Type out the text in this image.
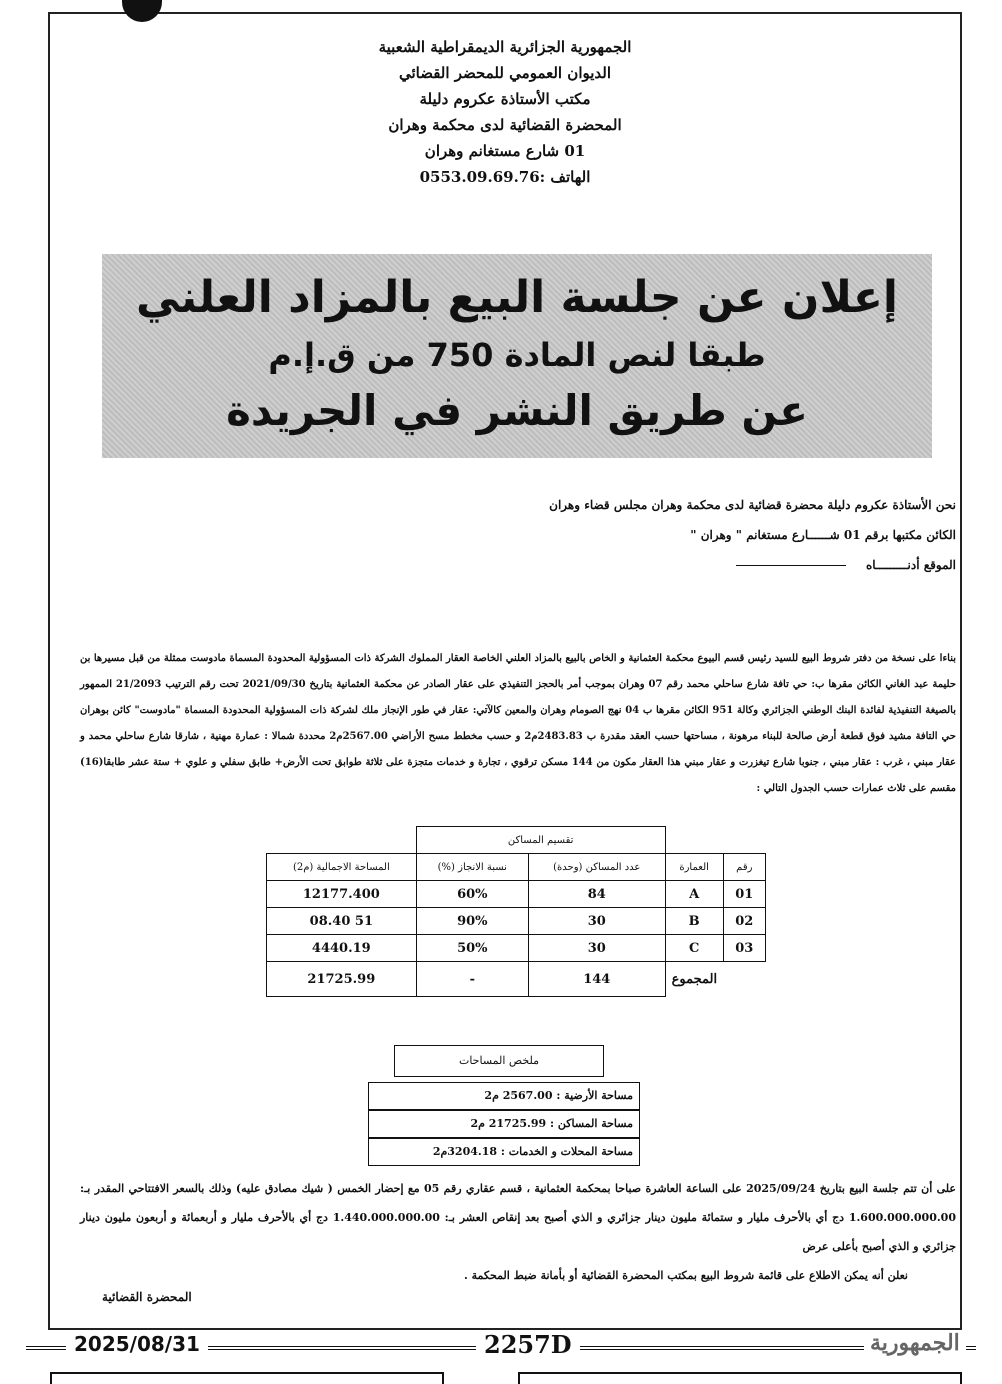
الجمهورية الجزائرية الديمقراطية الشعبية
الديوان العمومي للمحضر القضائي
مكتب الأستاذة عكروم دليلة
المحضرة القضائية لدى محكمة وهران
01 شارع مستغانم وهران
الهاتف :0553.09.69.76
إعلان عن جلسة البيع بالمزاد العلني
طبقا لنص المادة 750 من ق.إ.م
عن طريق النشر في الجريدة
نحن الأستاذة عكروم دليلة محضرة قضائية لدى محكمة وهران مجلس قضاء وهران
الكائن مكتبها برقم 01 شــــــارع مستغانم " وهران "
الموقع أدنـــــــــاه
بناءا على نسخة من دفتر شروط البيع للسيد رئيس قسم البيوع محكمة العثمانية و الخاص بالبيع بالمزاد العلني الخاصة العقار المملوك الشركة ذات المسؤولية المحدودة المسماة مادوست ممثلة من قبل مسيرها بن حليمة عبد الغاني الكائن مقرها ب: حي تافة شارع ساحلي محمد رقم 07 وهران بموجب أمر بالحجز التنفيذي على عقار الصادر عن محكمة العثمانية بتاريخ 2021/09/30 تحت رقم الترتيب 21/2093 الممهور بالصيغة التنفيذية لفائدة البنك الوطني الجزائري وكالة 951 الكائن مقرها ب 04 نهج الصومام وهران والمعين كالآتي: عقار في طور الإنجاز ملك لشركة ذات المسؤولية المحدودة المسماة "مادوست" كائن بوهران حي التافة مشيد فوق قطعة أرض صالحة للبناء مرهونة ، مساحتها حسب العقد مقدرة ب 2483.83م2 و حسب مخطط مسح الأراضي 2567.00م2 محددة شمالا : عمارة مهنية ، شارقا شارع ساحلي محمد و عقار مبني ، غرب : عقار مبني ، جنوبا شارع تيغزرت و عقار مبني هذا العقار مكون من 144 مسكن ترقوي ، تجارة و خدمات متجزة على ثلاثة طوابق تحت الأرض+ طابق سفلي و علوي + ستة عشر طابقا(16) مقسم على ثلاث عمارات حسب الجدول التالي :
		تقسيم المساكن		
رقم	العمارة	عدد المساكن (وحدة)	نسبة الانجاز (%)	المساحة الاجمالية (م2)
01	A	84	60%	12177.400
02	B	30	90%	51 08.40
03	C	30	50%	4440.19
المجموع		144	-	21725.99
ملخص المساحات
مساحة الأرضية : 2567.00 م2
مساحة المساكن : 21725.99 م2
مساحة المحلات و الخدمات : 3204.18م2
على أن تتم جلسة البيع بتاريخ 2025/09/24 على الساعة العاشرة صباحا بمحكمة العثمانية ، قسم عقاري رقم 05 مع إحضار الخمس ( شيك مصادق عليه) وذلك بالسعر الافتتاحي المقدر بـ: 1.600.000.000.00 دج أي بالأحرف مليار و ستمائة مليون دينار جزائري و الذي أصبح بعد إنقاص العشر بـ: 1.440.000.000.00 دج أي بالأحرف مليار و أربعمائة و أربعون مليون دينار جزائري و الذي أصبح بأعلى عرض
نعلن أنه يمكن الاطلاع على قائمة شروط البيع بمكتب المحضرة القضائية أو بأمانة ضبط المحكمة .
المحضرة القضائية
2025/08/31	2257D	الجمهورية
